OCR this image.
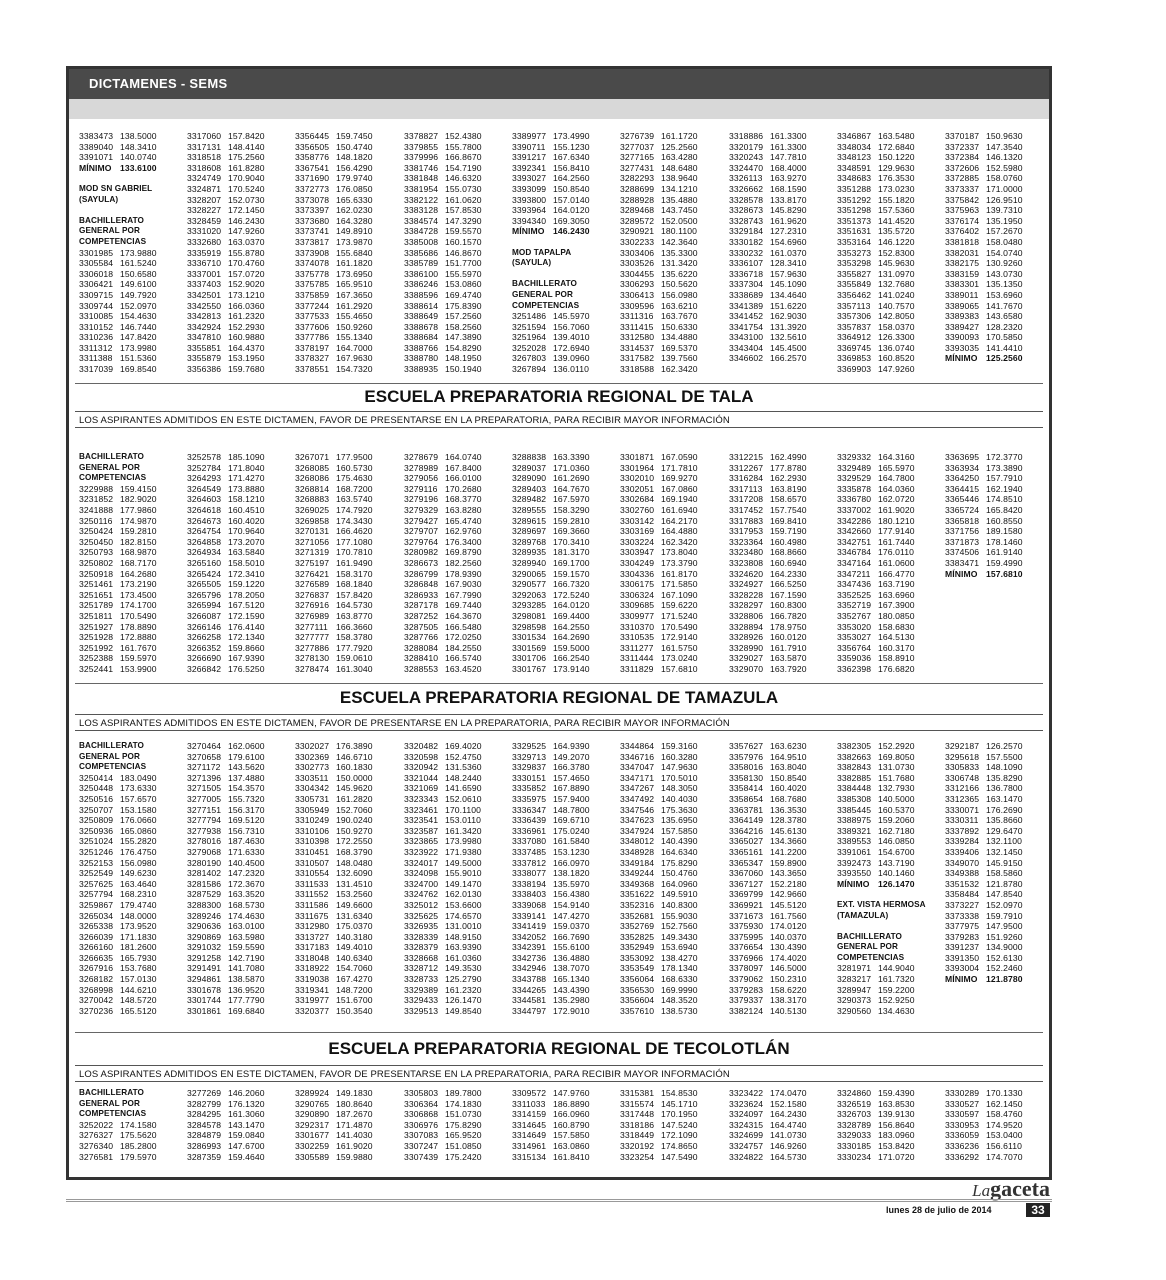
DICTAMENES - SEMS
3383473 138.5000
3389040 148.3410
3391071 140.0740
MÍNIMO 133.6100
MOD SN GABRIEL
(SAYULA)
BACHILLERATO
GENERAL POR
COMPETENCIAS
3301985 173.9880
3305584 161.5240
3306018 150.6580
3306421 149.6100
3309715 149.7920
3309744 152.0970
3310085 154.4630
3310152 146.7440
3310236 147.8420
3311312 173.9980
3311388 151.5360
3317039 169.8540
3317060 157.8420
3317131 148.4140
3318518 175.2560
3318608 161.8280
3324749 170.9040
3324871 170.5240
3328207 152.0730
3328227 172.1450
3328459 146.2430
3331020 147.9260
3332680 163.0370
3335919 155.8780
3336710 170.4760
3337001 157.0720
3337403 152.9020
3342501 173.1210
3342550 166.0360
3342813 161.2320
3342924 152.2930
3347810 160.9880
3355851 164.4370
3355879 153.1950
3356386 159.7680
3356445 159.7450
3356505 150.4740
3358776 148.1820
3367541 156.4290
3371690 179.9740
3372773 176.0850
3373078 165.6330
3373397 162.0230
3373680 164.3280
3373741 149.8910
3373817 173.9870
3373908 155.6840
3374078 161.1820
3375778 173.6950
3375785 165.9510
3375859 167.3650
3377244 161.2920
3377533 155.4650
3377606 150.9260
3377786 155.1340
3378197 164.7000
3378327 167.9630
3378551 154.7320
3378827 152.4380
3379855 155.7800
3379996 166.8670
3381746 154.7190
3381848 146.6320
3381954 155.0730
3382122 161.0620
3383128 157.8530
3384574 147.3290
3384728 159.5570
3385008 160.1570
3385686 146.8670
3385789 151.7700
3386100 155.5970
3386246 153.0860
3388596 169.4740
3388614 175.8390
3388649 157.2560
3388678 158.2560
3388684 147.3890
3388766 154.8290
3388780 148.1950
3388935 150.1940
3389977 173.4990
3390711 155.1230
3391217 167.6340
3392341 156.8410
3393027 164.2560
3393099 150.8540
3393800 157.0140
3393964 164.0120
3394340 169.3050
MÍNIMO 146.2430
MOD TAPALPA
(SAYULA)
BACHILLERATO
GENERAL POR
COMPETENCIAS
3251486 145.5970
3251594 156.7060
3251964 139.4010
3252028 172.6940
3267803 139.0960
3267894 136.0110
3276739 161.1720
3277037 125.2560
3277165 163.4280
3277431 148.6480
3282293 138.9640
3288699 134.1210
3288928 135.4880
3289468 143.7450
3289572 152.0500
3290921 180.1100
3302233 142.3640
3303406 135.3300
3303526 131.3420
3304455 135.6220
3306293 150.5620
3306413 156.0980
3309596 163.6210
3311316 163.7670
3311415 150.6330
3312580 134.4880
3314537 169.5370
3317582 139.7560
3318588 162.3420
3318886 161.3300
3320179 161.3300
3320243 147.7810
3324470 168.4000
3326113 163.9270
3326662 168.1590
3328578 133.8170
3328673 145.8290
3328743 161.9620
3329184 127.2310
3330182 154.6960
3330232 161.0370
3336107 128.3410
3336718 157.9630
3337304 145.1090
3338689 134.4640
3341389 151.6220
3341452 162.9030
3341754 131.3920
3343100 132.5610
3343404 145.4500
3346602 166.2570
3346867 163.5480
3348034 172.6840
3348123 150.1220
3348591 129.9630
3348683 176.3530
3351288 173.0230
3351292 155.1820
3351298 157.5360
3351373 141.4520
3351631 135.5720
3353164 146.1220
3353273 152.8300
3353298 145.9630
3355827 131.0970
3355849 132.7680
3356462 141.0240
3357113 140.7570
3357306 142.8050
3357837 158.0370
3364912 126.3300
3369745 136.0740
3369853 160.8520
3369903 147.9260
3370187 150.9630
3372337 147.3540
3372384 146.1320
3372606 152.5980
3372885 158.0760
3373337 171.0000
3375842 126.9510
3375963 139.7310
3376174 135.1950
3376402 157.2670
3381818 158.0480
3382031 154.0740
3382175 130.9260
3383159 143.0730
3383301 135.1350
3389011 153.6960
3389065 141.7670
3389383 143.6580
3389427 128.2320
3390093 170.5850
3393035 141.4410
MÍNIMO 125.2560
ESCUELA PREPARATORIA REGIONAL DE TALA
LOS ASPIRANTES ADMITIDOS EN ESTE DICTAMEN, FAVOR DE PRESENTARSE EN LA PREPARATORIA, PARA RECIBIR MAYOR INFORMACIÓN
BACHILLERATO
GENERAL POR
COMPETENCIAS
3229988 159.4150
3231852 182.9020
3241888 177.9860
3250116 174.9870
3250424 159.2810
3250450 182.8150
3250793 168.9870
3250802 168.7170
3250918 164.2680
3251461 173.2190
3251651 173.4500
3251789 174.1700
3251811 170.5490
3251927 178.8890
3251928 172.8880
3251992 161.7670
3252388 159.5970
3252441 153.9900
3252578 185.1090
3252784 171.8040
3264293 171.4270
3264549 173.8880
3264603 158.1210
3264618 160.4510
3264673 160.4020
3264754 170.9640
3264858 173.2070
3264934 163.5840
3265160 158.5010
3265424 172.3410
3265505 159.1220
3265796 178.2050
3265994 167.5120
3266087 172.1590
3266146 176.4140
3266258 172.1340
3266352 159.8660
3266690 167.9390
3266842 176.5250
3267071 177.9500
3268085 160.5730
3268086 175.4630
3268814 168.7200
3268883 163.5740
3269025 174.7920
3269858 174.3430
3270131 166.4620
3271056 177.1080
3271319 170.7810
3275197 161.9490
3276421 158.3170
3276589 168.1840
3276837 157.8420
3276916 164.5730
3276989 163.8770
3277111 166.3660
3277777 158.3780
3277886 177.7920
3278130 159.0610
3278474 161.3040
3278679 164.0740
3278989 167.8400
3279056 166.0100
3279116 170.2680
3279196 168.3770
3279329 163.8280
3279427 165.4740
3279707 162.9760
3279764 176.3400
3280982 169.8790
3286673 182.2560
3286799 178.9390
3286848 167.9030
3286933 167.7990
3287178 169.7440
3287252 164.3670
3287505 166.5480
3287766 172.0250
3288084 184.2550
3288410 166.5740
3288553 163.4520
3288838 163.3390
3289037 171.0360
3289090 161.2690
3289403 164.7670
3289482 167.5970
3289555 158.3290
3289615 159.2810
3289697 169.3660
3289768 170.3410
3289935 181.3170
3289940 169.1700
3290065 159.1570
3290577 166.7320
3292063 172.5240
3293285 164.0120
3298081 169.4400
3298598 164.2550
3301534 164.2690
3301569 159.5000
3301706 166.2540
3301767 173.9140
3301871 167.0590
3301964 171.7810
3302010 169.9270
3302051 167.0860
3302684 169.1940
3302760 161.6940
3303142 164.2170
3303169 164.4880
3303224 162.3420
3303947 173.8040
3304249 173.3790
3304336 161.8170
3306175 171.5850
3306324 167.1090
3309685 159.6220
3309977 171.5240
3310370 170.5490
3310535 172.9140
3311277 161.5750
3311444 173.0240
3311829 157.6810
3312215 162.4990
3312267 177.8780
3316284 162.2930
3317113 163.8190
3317208 158.6570
3317452 157.7540
3317883 169.8410
3317953 159.7190
3323364 160.4980
3323480 168.8660
3323808 160.6940
3324620 164.2330
3324927 166.5250
3328228 167.1590
3328297 160.8300
3328806 166.7820
3328894 178.9750
3328926 160.0120
3328990 161.7910
3329027 163.5870
3329070 163.7920
3329332 164.3160
3329489 165.5970
3329529 164.7800
3335878 164.0360
3336780 162.0720
3337002 161.9020
3342286 180.1210
3342660 177.9140
3342751 161.7440
3346784 176.0110
3347164 161.0600
3347211 166.4770
3347436 163.7190
3352525 163.6960
3352719 167.3900
3352767 180.0850
3353020 158.6830
3353027 164.5130
3356764 160.3170
3359036 158.8910
3362398 176.6820
3363695 172.3770
3363934 173.3890
3364250 157.7910
3364415 162.1940
3365446 174.8510
3365724 165.8420
3365818 160.8550
3371756 189.1580
3371873 178.1460
3374506 161.9140
3383471 159.4990
MÍNIMO 157.6810
ESCUELA PREPARATORIA REGIONAL DE TAMAZULA
LOS ASPIRANTES ADMITIDOS EN ESTE DICTAMEN, FAVOR DE PRESENTARSE EN LA PREPARATORIA, PARA RECIBIR MAYOR INFORMACIÓN
BACHILLERATO
GENERAL POR
COMPETENCIAS
3250414 183.0490
3250448 173.6330
3250516 157.6570
3250707 153.1580
3250809 176.0660
3250936 165.0860
3251024 155.2820
3251246 176.4750
3252153 156.0980
3252549 149.6230
3257625 163.4640
3257794 168.2310
3259867 179.4740
3265034 148.0000
3265338 173.9520
3266039 171.1830
3266160 181.2600
3266635 165.7930
3267916 153.7680
3268182 157.0130
3268998 144.6210
3270042 148.5720
3270236 165.5120
3270464 162.0600
3270658 179.6100
3271172 143.5620
3271396 137.4880
3271505 154.3570
3277005 155.7320
3277151 156.3170
3277794 169.5120
3277938 156.7310
3278016 187.4630
3279068 171.6330
3280190 140.4500
3281402 147.2320
3281586 172.3670
3287529 163.3520
3288300 168.5730
3289246 174.4630
3290636 163.0100
3290869 163.5980
3291032 159.5590
3291258 142.7190
3291491 141.7080
3294861 138.5870
3301678 136.9520
3301744 177.7790
3301861 169.6840
3302027 176.3890
3302369 146.6710
3302773 160.1830
3303511 150.0000
3304342 145.9620
3305731 161.2820
3305949 152.7060
3310249 190.0240
3310106 150.9270
3310398 172.2550
3310451 168.3790
3310507 148.0480
3310554 132.6090
3311533 131.4510
3311552 153.2560
3311586 149.6600
3311675 131.6340
3312980 175.0370
3313727 140.3180
3317183 149.4010
3318048 140.6340
3318922 154.7060
3319038 167.4270
3319341 148.7200
3319977 151.6700
3320377 150.3540
3320482 169.4020
3320598 152.4750
3320942 131.5360
3321044 148.2440
3321069 141.6590
3323343 152.0610
3323461 170.1100
3323541 153.0110
3323587 161.3420
3323865 173.9980
3323922 171.9380
3324017 149.5000
3324098 155.9010
3324700 149.1470
3324762 162.0130
3325012 153.6600
3325625 174.6570
3326935 131.0010
3328339 148.9150
3328379 163.9390
3328668 161.0360
3328712 149.3530
3328733 125.2790
3329389 161.2320
3329433 126.1470
3329513 149.8540
3329525 164.9390
3329713 149.2070
3329837 166.3780
3330151 157.4650
3335852 167.8890
3335975 157.9400
3336347 148.7800
3336439 169.6710
3336961 175.0240
3337080 161.5840
3337485 153.1230
3337812 166.0970
3338077 138.1820
3338194 135.5970
3338403 156.4380
3339068 154.9140
3339141 147.4270
3341419 159.0370
3342052 166.7690
3342391 155.6100
3342736 136.4880
3342946 138.7070
3343788 165.1340
3344265 143.4390
3344581 135.2980
3344797 172.9010
3344864 159.3160
3346716 160.3280
3347047 147.9630
3347171 170.5010
3347267 148.3050
3347492 140.4030
3347546 175.3630
3347623 135.6950
3347924 157.5850
3348012 140.4390
3348928 164.6340
3349184 175.8290
3349244 150.4760
3349368 164.0960
3351622 149.5910
3352316 140.8300
3352681 155.9030
3352769 152.7560
3352825 149.3430
3352949 153.6940
3353092 138.4270
3353549 178.1340
3356064 168.6330
3356530 169.9990
3356604 148.3520
3357610 138.5730
3357627 163.6230
3357976 164.9510
3358016 163.8040
3358130 150.8540
3358414 160.4020
3358654 168.7680
3363781 136.3530
3364149 128.3780
3364216 145.6130
3365027 134.3660
3365161 141.2200
3365347 159.8900
3367060 143.3650
3367127 152.2180
3369799 142.9660
3369921 145.5120
3371673 161.7560
3375930 174.0120
3375995 140.0370
3376654 130.4390
3376966 174.4020
3378097 146.5000
3379062 150.2310
3379283 158.6220
3379337 138.3170
3382124 140.5130
3382305 152.2920
3382663 169.8050
3382843 131.0730
3382885 151.7680
3384448 132.7930
3385308 140.5000
3385445 160.5370
3388975 159.2060
3389321 162.7180
3389553 146.0850
3391061 154.6700
3392473 143.7190
3393550 140.1460
MÍNIMO 126.1470
EXT. VISTA HERMOSA
(TAMAZULA)
BACHILLERATO
GENERAL POR
COMPETENCIAS
3281971 144.9040
3283217 161.7320
3289947 159.2200
3290373 152.9250
3290560 134.4630
3292187 126.2570
3295618 157.5500
3305833 148.1090
3306748 135.8290
3312166 136.7800
3312365 163.1470
3330071 176.2690
3330311 135.8660
3337892 129.6470
3339284 132.1100
3339406 132.1450
3349070 145.9150
3349388 158.5860
3351532 121.8780
3358484 147.8540
3373227 152.0970
3373338 159.7910
3377975 147.9500
3379283 151.9260
3391237 134.9000
3391350 152.6130
3393004 152.2460
MÍNIMO 121.8780
ESCUELA PREPARATORIA REGIONAL DE TECOLOTLÁN
LOS ASPIRANTES ADMITIDOS EN ESTE DICTAMEN, FAVOR DE PRESENTARSE EN LA PREPARATORIA, PARA RECIBIR MAYOR INFORMACIÓN
BACHILLERATO
GENERAL POR
COMPETENCIAS
3252022 174.1580
3276327 175.5620
3276340 185.2800
3276581 179.5970
3277269 146.2060
3282799 176.1320
3284295 161.3060
3284578 143.1470
3284879 159.0840
3286993 147.6700
3287359 159.4640
3289924 149.1830
3290765 180.8640
3290890 187.2670
3292317 171.4870
3301677 141.4030
3302259 161.9020
3305589 159.9880
3305803 189.7800
3306364 174.1830
3306868 151.0730
3306976 175.8290
3307083 165.9520
3307247 151.0850
3307439 175.2420
3309572 147.9760
3311033 186.8890
3314159 166.0960
3314645 160.8790
3314649 157.5850
3314961 163.0860
3315134 161.8410
3315381 154.8530
3315574 145.1710
3317448 170.1950
3318186 147.5240
3318449 172.1090
3320192 174.8650
3323254 147.5490
3323422 174.0470
3323624 152.1580
3324097 164.2430
3324315 164.4740
3324699 141.0730
3324757 146.9260
3324822 164.5730
3324860 159.4390
3326519 163.8530
3326703 139.9130
3328789 156.8640
3329033 183.0960
3330185 153.8420
3330234 171.0720
3330289 170.1330
3330527 162.1450
3330597 158.4760
3330953 174.9520
3336059 153.0400
3336236 156.6110
3336292 174.7070
Lagaceta
lunes 28 de julio de 2014	33
